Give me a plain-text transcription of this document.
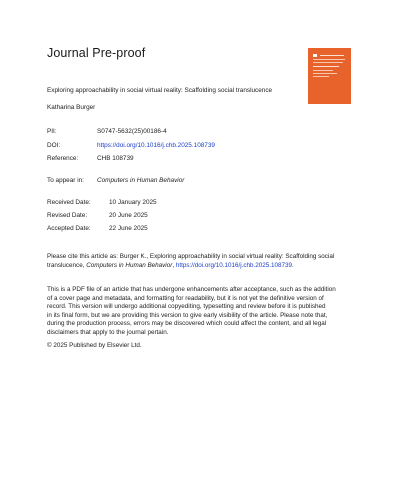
Journal Pre-proof
Exploring approachability in social virtual reality: Scaffolding social translucence
Katharina Burger
PII:	S0747-5632(25)00186-4
DOI:	https://doi.org/10.1016/j.chb.2025.108739
Reference:	CHB 108739
To appear in:	Computers in Human Behavior
Received Date:	10 January 2025
Revised Date:	20 June 2025
Accepted Date:	22 June 2025
Please cite this article as: Burger K., Exploring approachability in social virtual reality: Scaffolding social
translucence, Computers in Human Behavior, https://doi.org/10.1016/j.chb.2025.108739.
This is a PDF file of an article that has undergone enhancements after acceptance, such as the addition
of a cover page and metadata, and formatting for readability, but it is not yet the definitive version of
record. This version will undergo additional copyediting, typesetting and review before it is published
in its final form, but we are providing this version to give early visibility of the article. Please note that,
during the production process, errors may be discovered which could affect the content, and all legal
disclaimers that apply to the journal pertain.
© 2025 Published by Elsevier Ltd.
